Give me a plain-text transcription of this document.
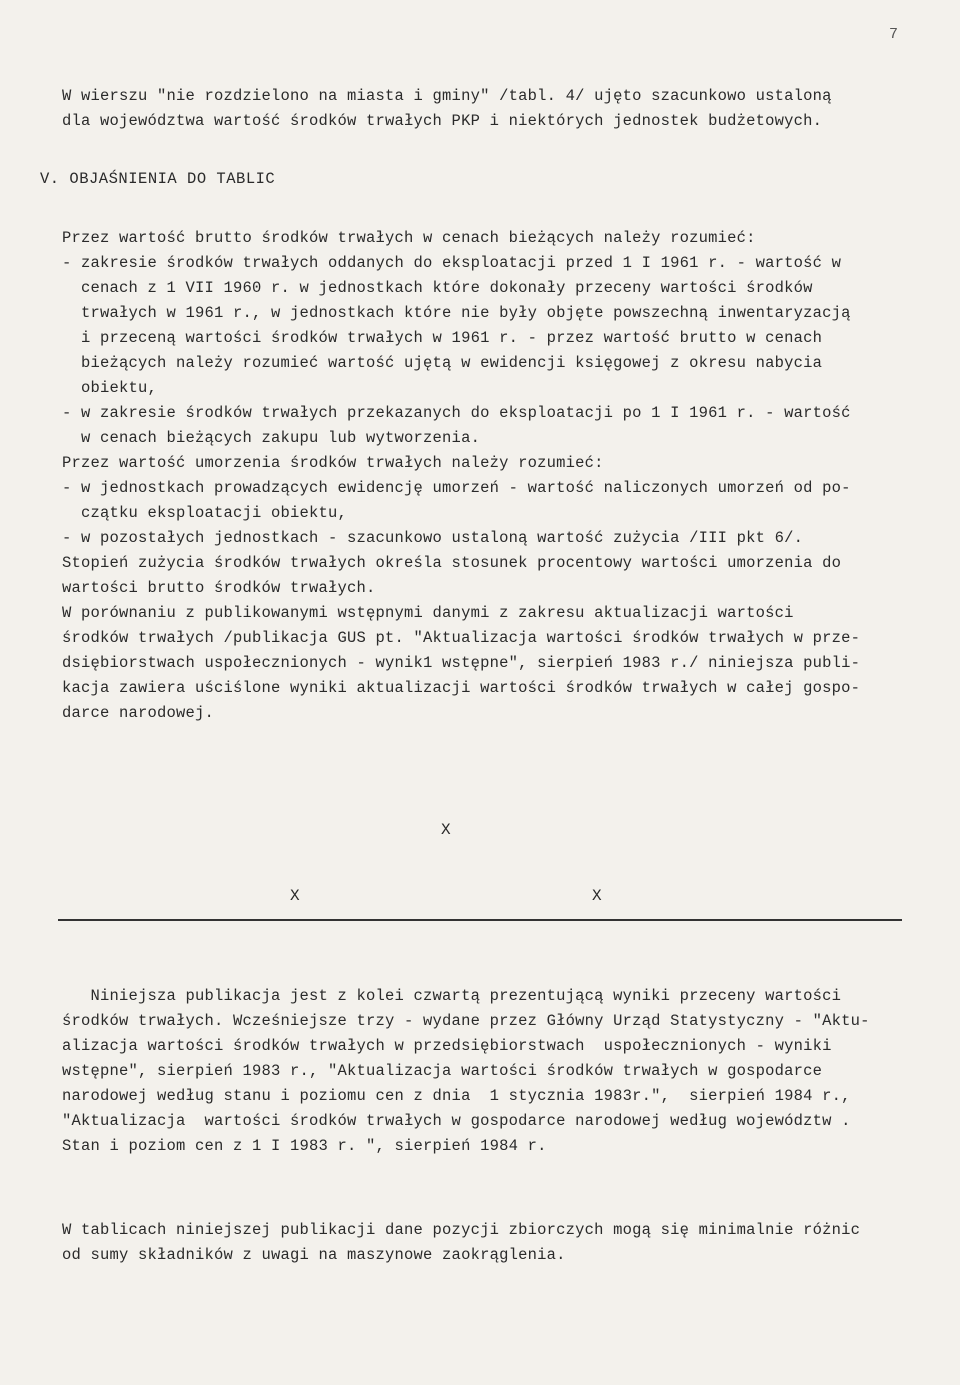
7
W wierszu "nie rozdzielono na miasta i gminy" /tabl. 4/ ujęto szacunkowo ustaloną
dla województwa wartość środków trwałych PKP i niektórych jednostek budżetowych.
V. OBJAŚNIENIA DO TABLIC
Przez wartość brutto środków trwałych w cenach bieżących należy rozumieć:
- zakresie środków trwałych oddanych do eksploatacji przed 1 I 1961 r. - wartość w
cenach z 1 VII 1960 r. w jednostkach które dokonały przeceny wartości środków
trwałych w 1961 r., w jednostkach które nie były objęte powszechną inwentaryzacją
i przeceną wartości środków trwałych w 1961 r. - przez wartość brutto w cenach
bieżących należy rozumieć wartość ujętą w ewidencji księgowej z okresu nabycia
obiektu,
- w zakresie środków trwałych przekazanych do eksploatacji po 1 I 1961 r. - wartość
w cenach bieżących zakupu lub wytworzenia.
Przez wartość umorzenia środków trwałych należy rozumieć:
- w jednostkach prowadzących ewidencję umorzeń - wartość naliczonych umorzeń od po-
czątku eksploatacji obiektu,
- w pozostałych jednostkach - szacunkowo ustaloną wartość zużycia /III pkt 6/.
Stopień zużycia środków trwałych określa stosunek procentowy wartości umorzenia do
wartości brutto środków trwałych.
W porównaniu z publikowanymi wstępnymi danymi z zakresu aktualizacji wartości
środków trwałych /publikacja GUS pt. "Aktualizacja wartości środków trwałych w prze-
dsiębiorstwach uspołecznionych - wynik1 wstępne", sierpień 1983 r./ niniejsza publi-
kacja zawiera uściślone wyniki aktualizacji wartości środków trwałych w całej gospo-
darce narodowej.
X
X	X
Niniejsza publikacja jest z kolei czwartą prezentującą wyniki przeceny wartości
środków trwałych. Wcześniejsze trzy - wydane przez Główny Urząd Statystyczny - "Aktu-
alizacja wartości środków trwałych w przedsiębiorstwach  uspołecznionych - wyniki
wstępne", sierpień 1983 r., "Aktualizacja wartości środków trwałych w gospodarce
narodowej według stanu i poziomu cen z dnia  1 stycznia 1983r.",  sierpień 1984 r.,
"Aktualizacja  wartości środków trwałych w gospodarce narodowej według województw .
Stan i poziom cen z 1 I 1983 r. ", sierpień 1984 r.
W tablicach niniejszej publikacji dane pozycji zbiorczych mogą się minimalnie różnic
od sumy składników z uwagi na maszynowe zaokrąglenia.
